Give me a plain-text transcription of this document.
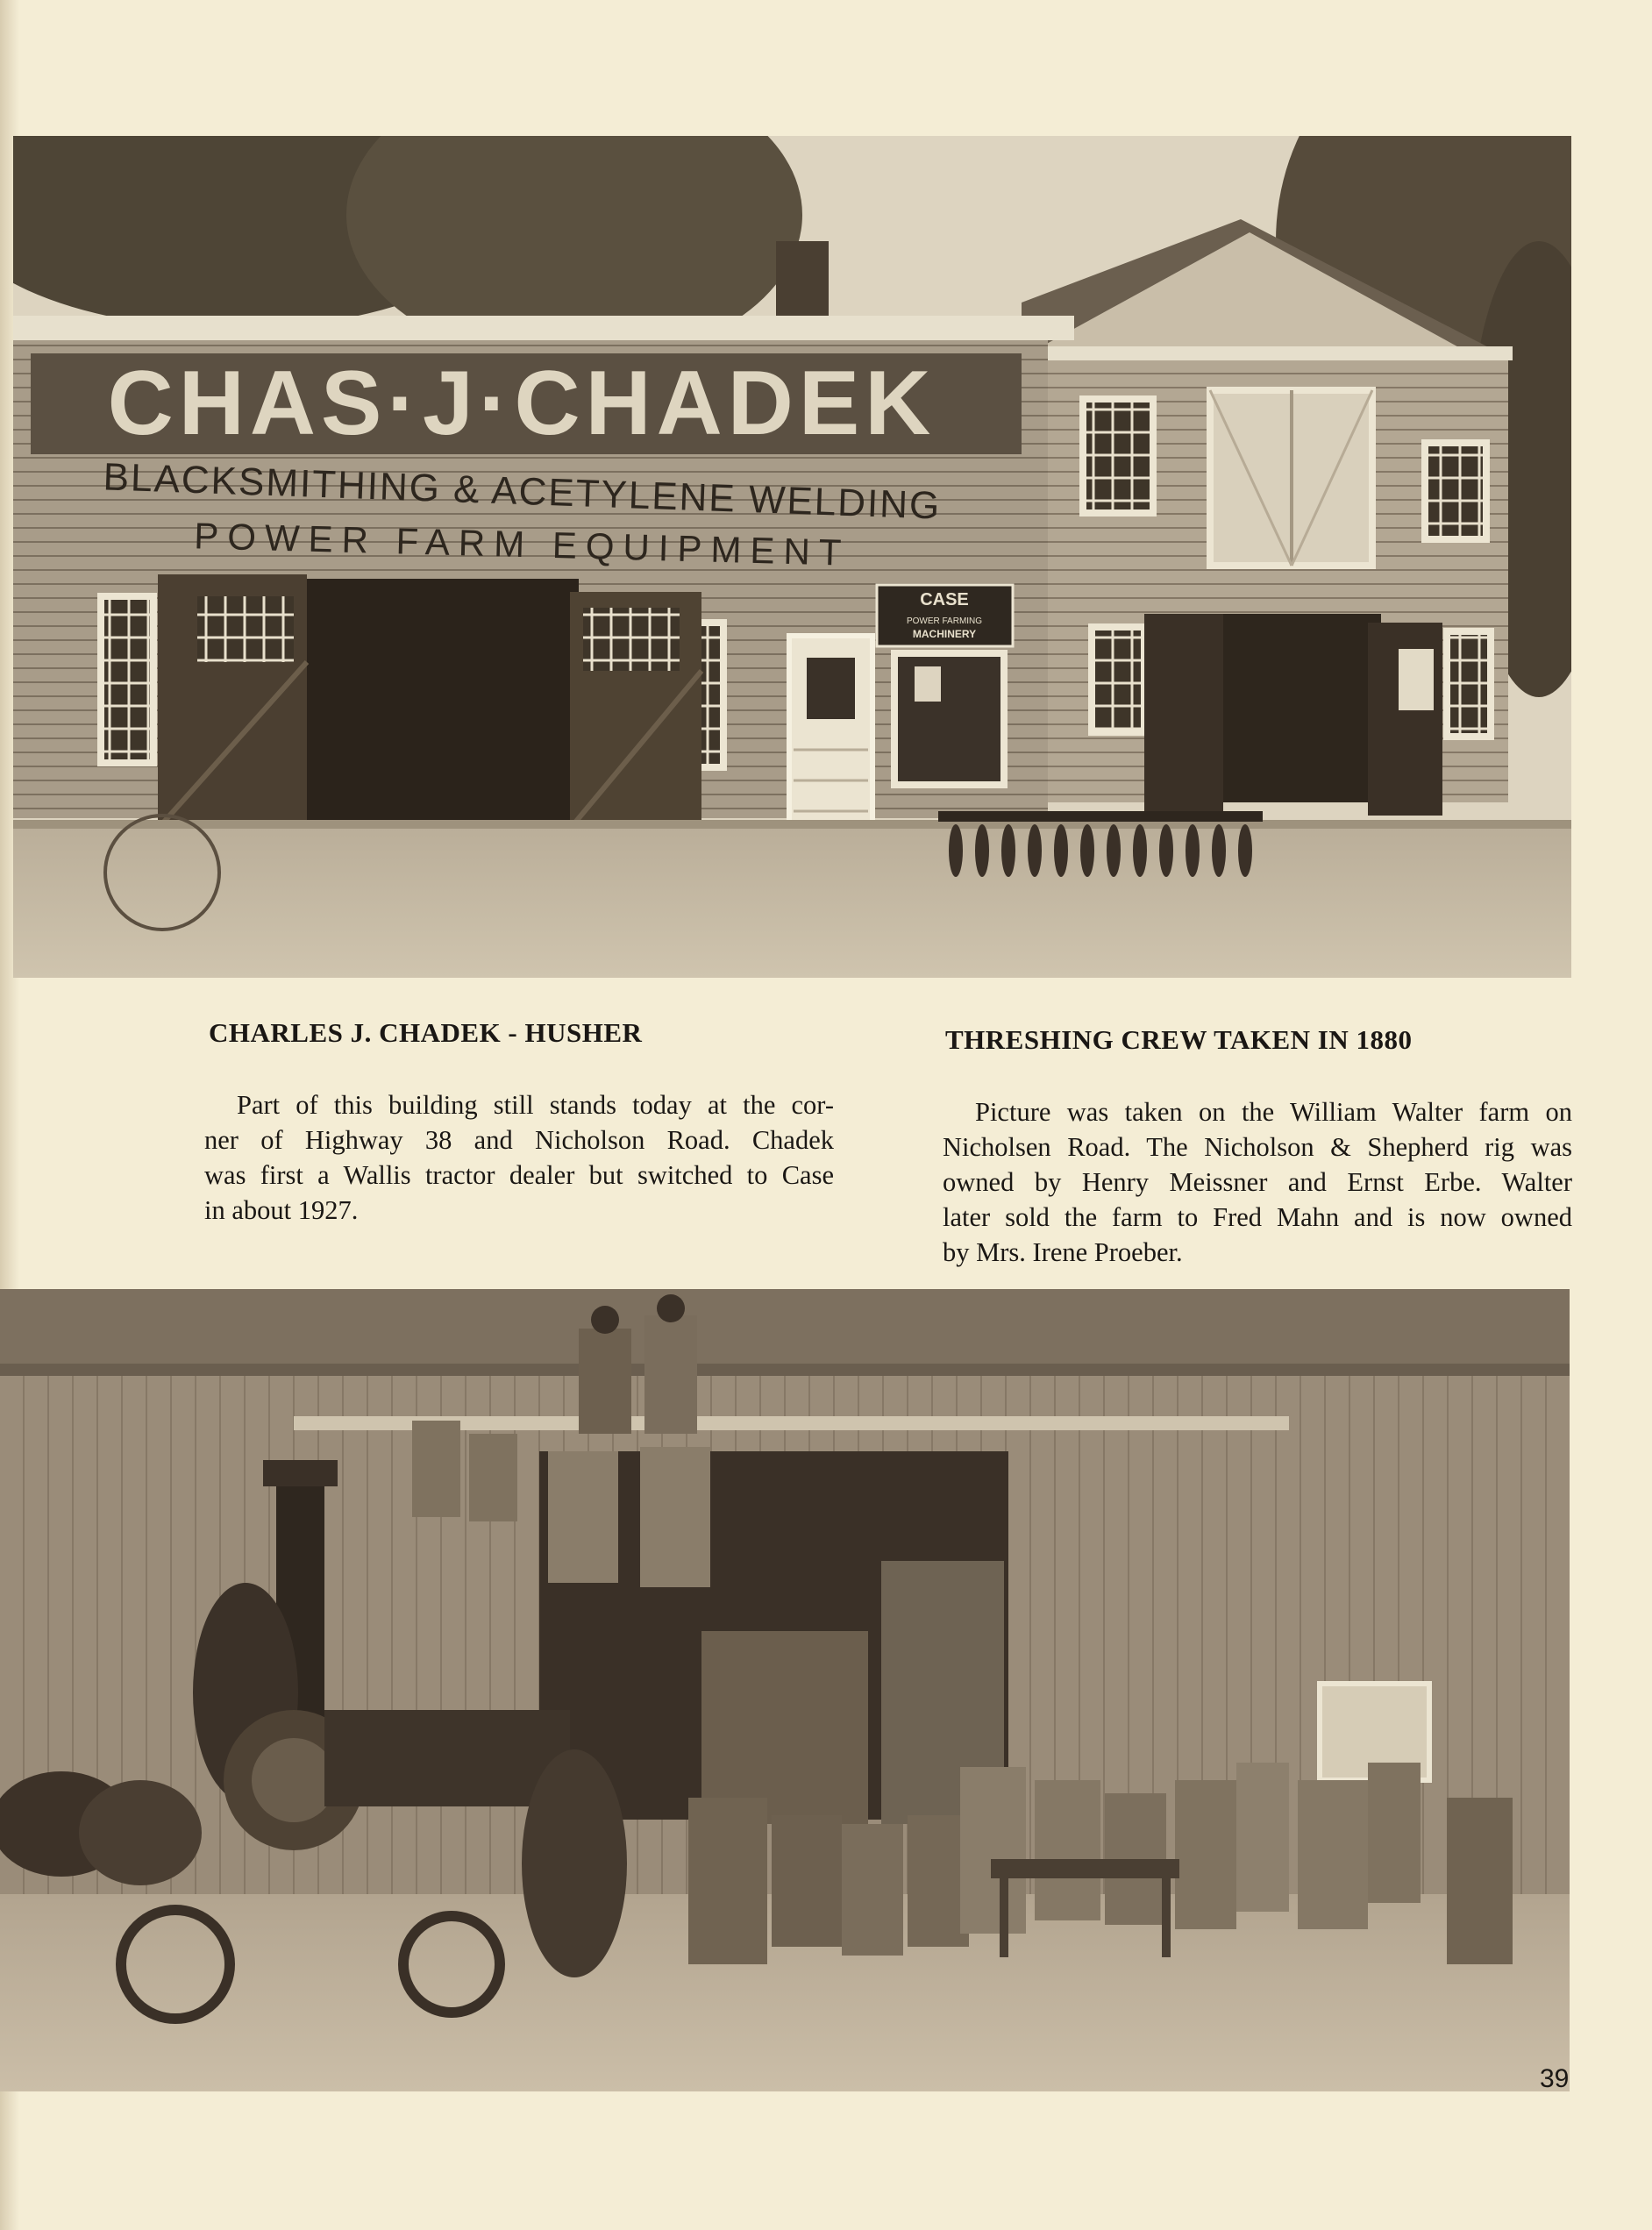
CHAS·J·CHADEK
BLACKSMITHING & ACETYLENE WELDING
POWER FARM EQUIPMENT
CASE
POWER FARMING
MACHINERY
CHARLES J. CHADEK - HUSHER
Part of this building still stands today at the cor-
ner of Highway 38 and Nicholson Road. Chadek
was first a Wallis tractor dealer but switched to Case
in about 1927.
THRESHING CREW TAKEN IN 1880
Picture was taken on the William Walter farm on
Nicholsen Road. The Nicholson & Shepherd rig was
owned by Henry Meissner and Ernst Erbe. Walter
later sold the farm to Fred Mahn and is now owned
by Mrs. Irene Proeber.
39
